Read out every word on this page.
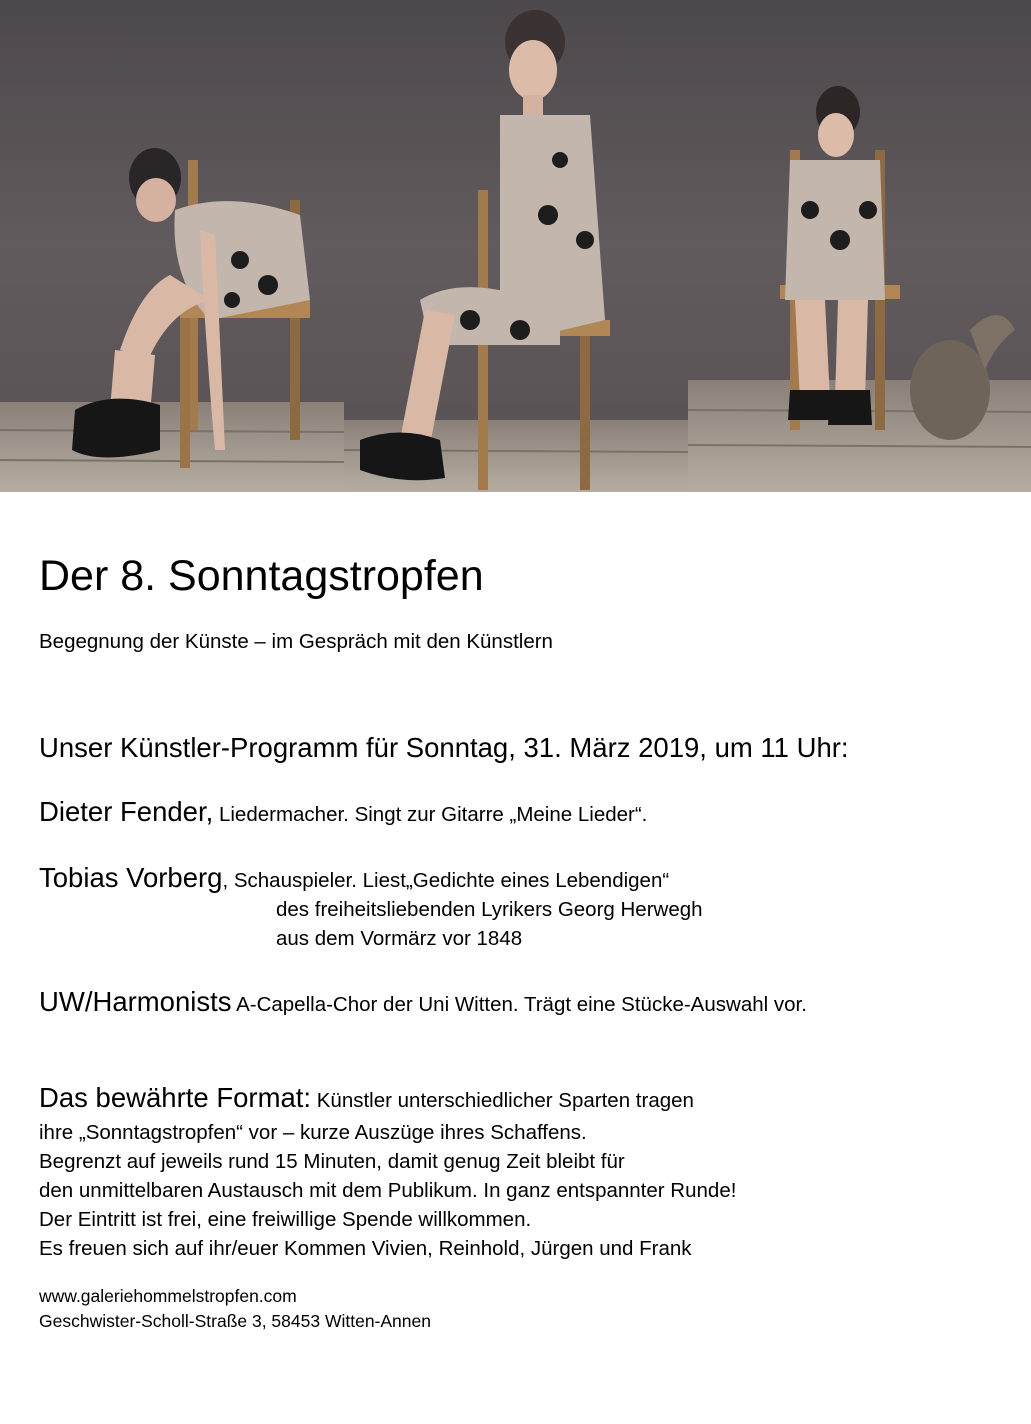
Der 8. Sonntagstropfen
Begegnung der Künste – im Gespräch mit den Künstlern
Unser Künstler-Programm für Sonntag, 31. März 2019, um 11 Uhr:
Dieter Fender, Liedermacher. Singt zur Gitarre „Meine Lieder“.
Tobias Vorberg, Schauspieler. Liest„Gedichte eines Lebendigen“
des freiheitsliebenden Lyrikers Georg Herwegh
aus dem Vormärz vor 1848
UW/Harmonists A-Capella-Chor der Uni Witten. Trägt eine Stücke-Auswahl vor.
Das bewährte Format: Künstler unterschiedlicher Sparten tragen
ihre „Sonntagstropfen“ vor – kurze Auszüge ihres Schaffens.
Begrenzt auf jeweils rund 15 Minuten, damit genug Zeit bleibt für
den unmittelbaren Austausch mit dem Publikum. In ganz entspannter Runde!
Der Eintritt ist frei, eine freiwillige Spende willkommen.
Es freuen sich auf ihr/euer Kommen Vivien, Reinhold, Jürgen und Frank
www.galeriehommelstropfen.com
Geschwister-Scholl-Straße 3, 58453 Witten-Annen
